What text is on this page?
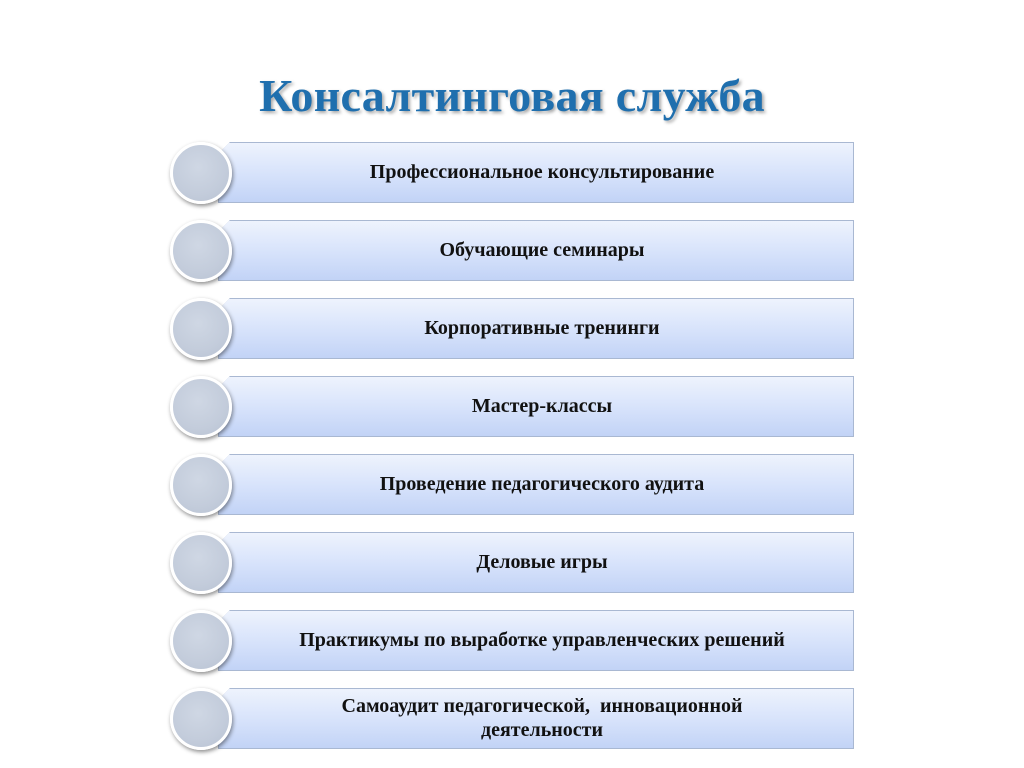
Консалтинговая служба
Профессиональное консультирование
Обучающие семинары
Корпоративные тренинги
Мастер-классы
Проведение педагогического аудита
Деловые игры
Практикумы по выработке управленческих решений
Самоаудит педагогической,  инновационной деятельности
